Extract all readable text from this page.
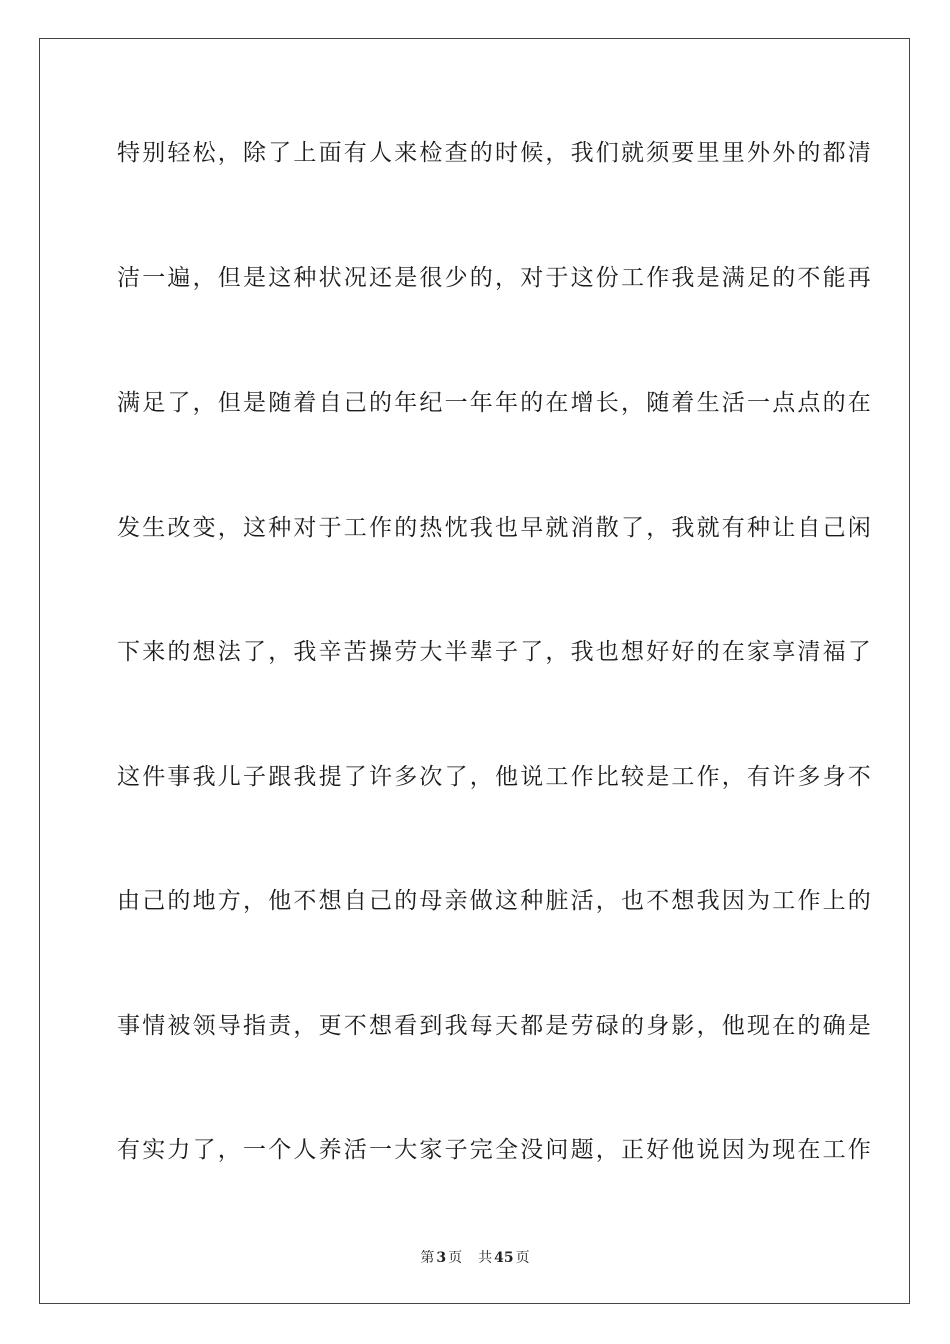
特别轻松，除了上面有人来检查的时候，我们就须要里里外外的都清

洁一遍，但是这种状况还是很少的，对于这份工作我是满足的不能再

满足了，但是随着自己的年纪一年年的在增长，随着生活一点点的在

发生改变，这种对于工作的热忱我也早就消散了，我就有种让自己闲

下来的想法了，我辛苦操劳大半辈子了，我也想好好的在家享清福了

这件事我儿子跟我提了许多次了，他说工作比较是工作，有许多身不

由己的地方，他不想自己的母亲做这种脏活，也不想我因为工作上的

事情被领导指责，更不想看到我每天都是劳碌的身影，他现在的确是

有实力了，一个人养活一大家子完全没问题，正好他说因为现在工作

第 3 页 共 45 页
